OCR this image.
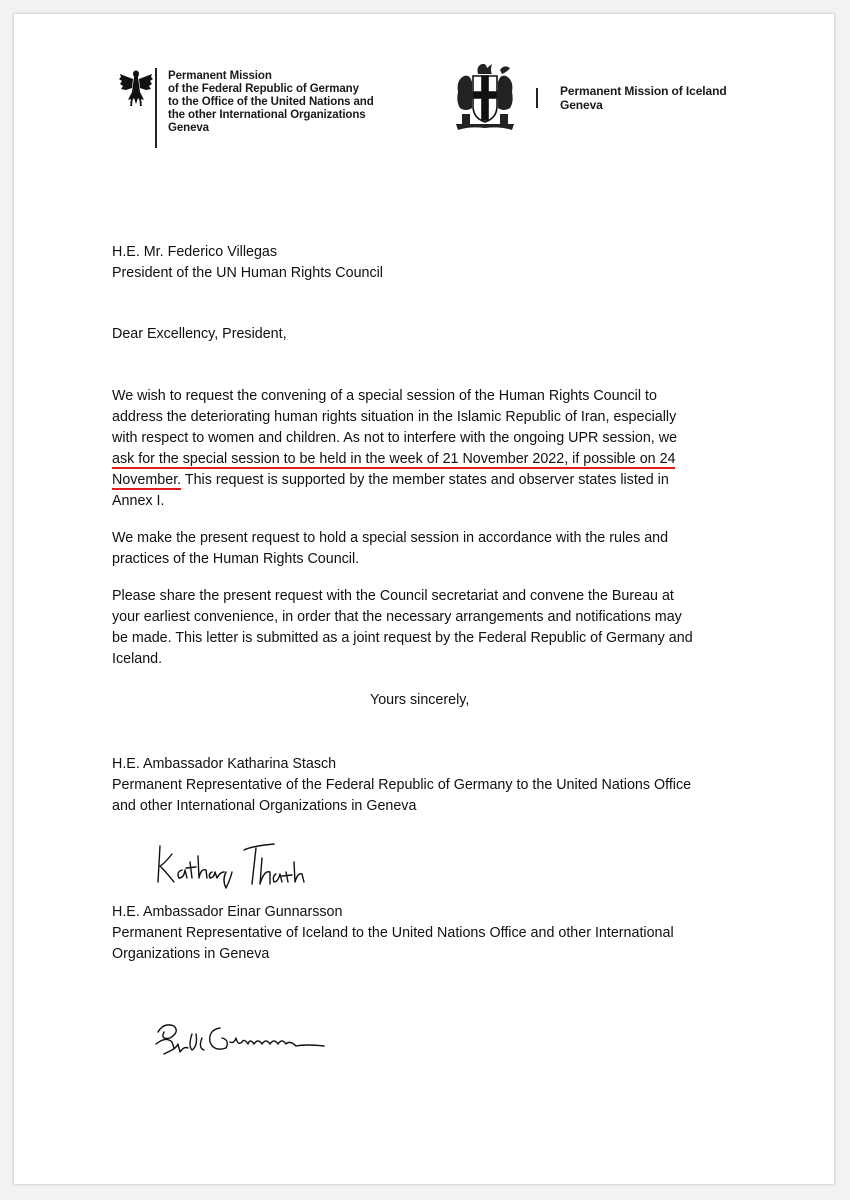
Permanent Mission
of the Federal Republic of Germany
to the Office of the United Nations and
the other International Organizations
Geneva
Permanent Mission of Iceland
Geneva
H.E. Mr. Federico Villegas
President of the UN Human Rights Council
Dear Excellency, President,
We wish to request the convening of a special session of the Human Rights Council to
address the deteriorating human rights situation in the Islamic Republic of Iran, especially
with respect to women and children. As not to interfere with the ongoing UPR session, we
ask for the special session to be held in the week of 21 November 2022, if possible on 24
November. This request is supported by the member states and observer states listed in
Annex I.
We make the present request to hold a special session in accordance with the rules and
practices of the Human Rights Council.
Please share the present request with the Council secretariat and convene the Bureau at
your earliest convenience, in order that the necessary arrangements and notifications may
be made. This letter is submitted as a joint request by the Federal Republic of Germany and
Iceland.
Yours sincerely,
H.E. Ambassador Katharina Stasch
Permanent Representative of the Federal Republic of Germany to the United Nations Office
and other International Organizations in Geneva
H.E. Ambassador Einar Gunnarsson
Permanent Representative of Iceland to the United Nations Office and other International
Organizations in Geneva
